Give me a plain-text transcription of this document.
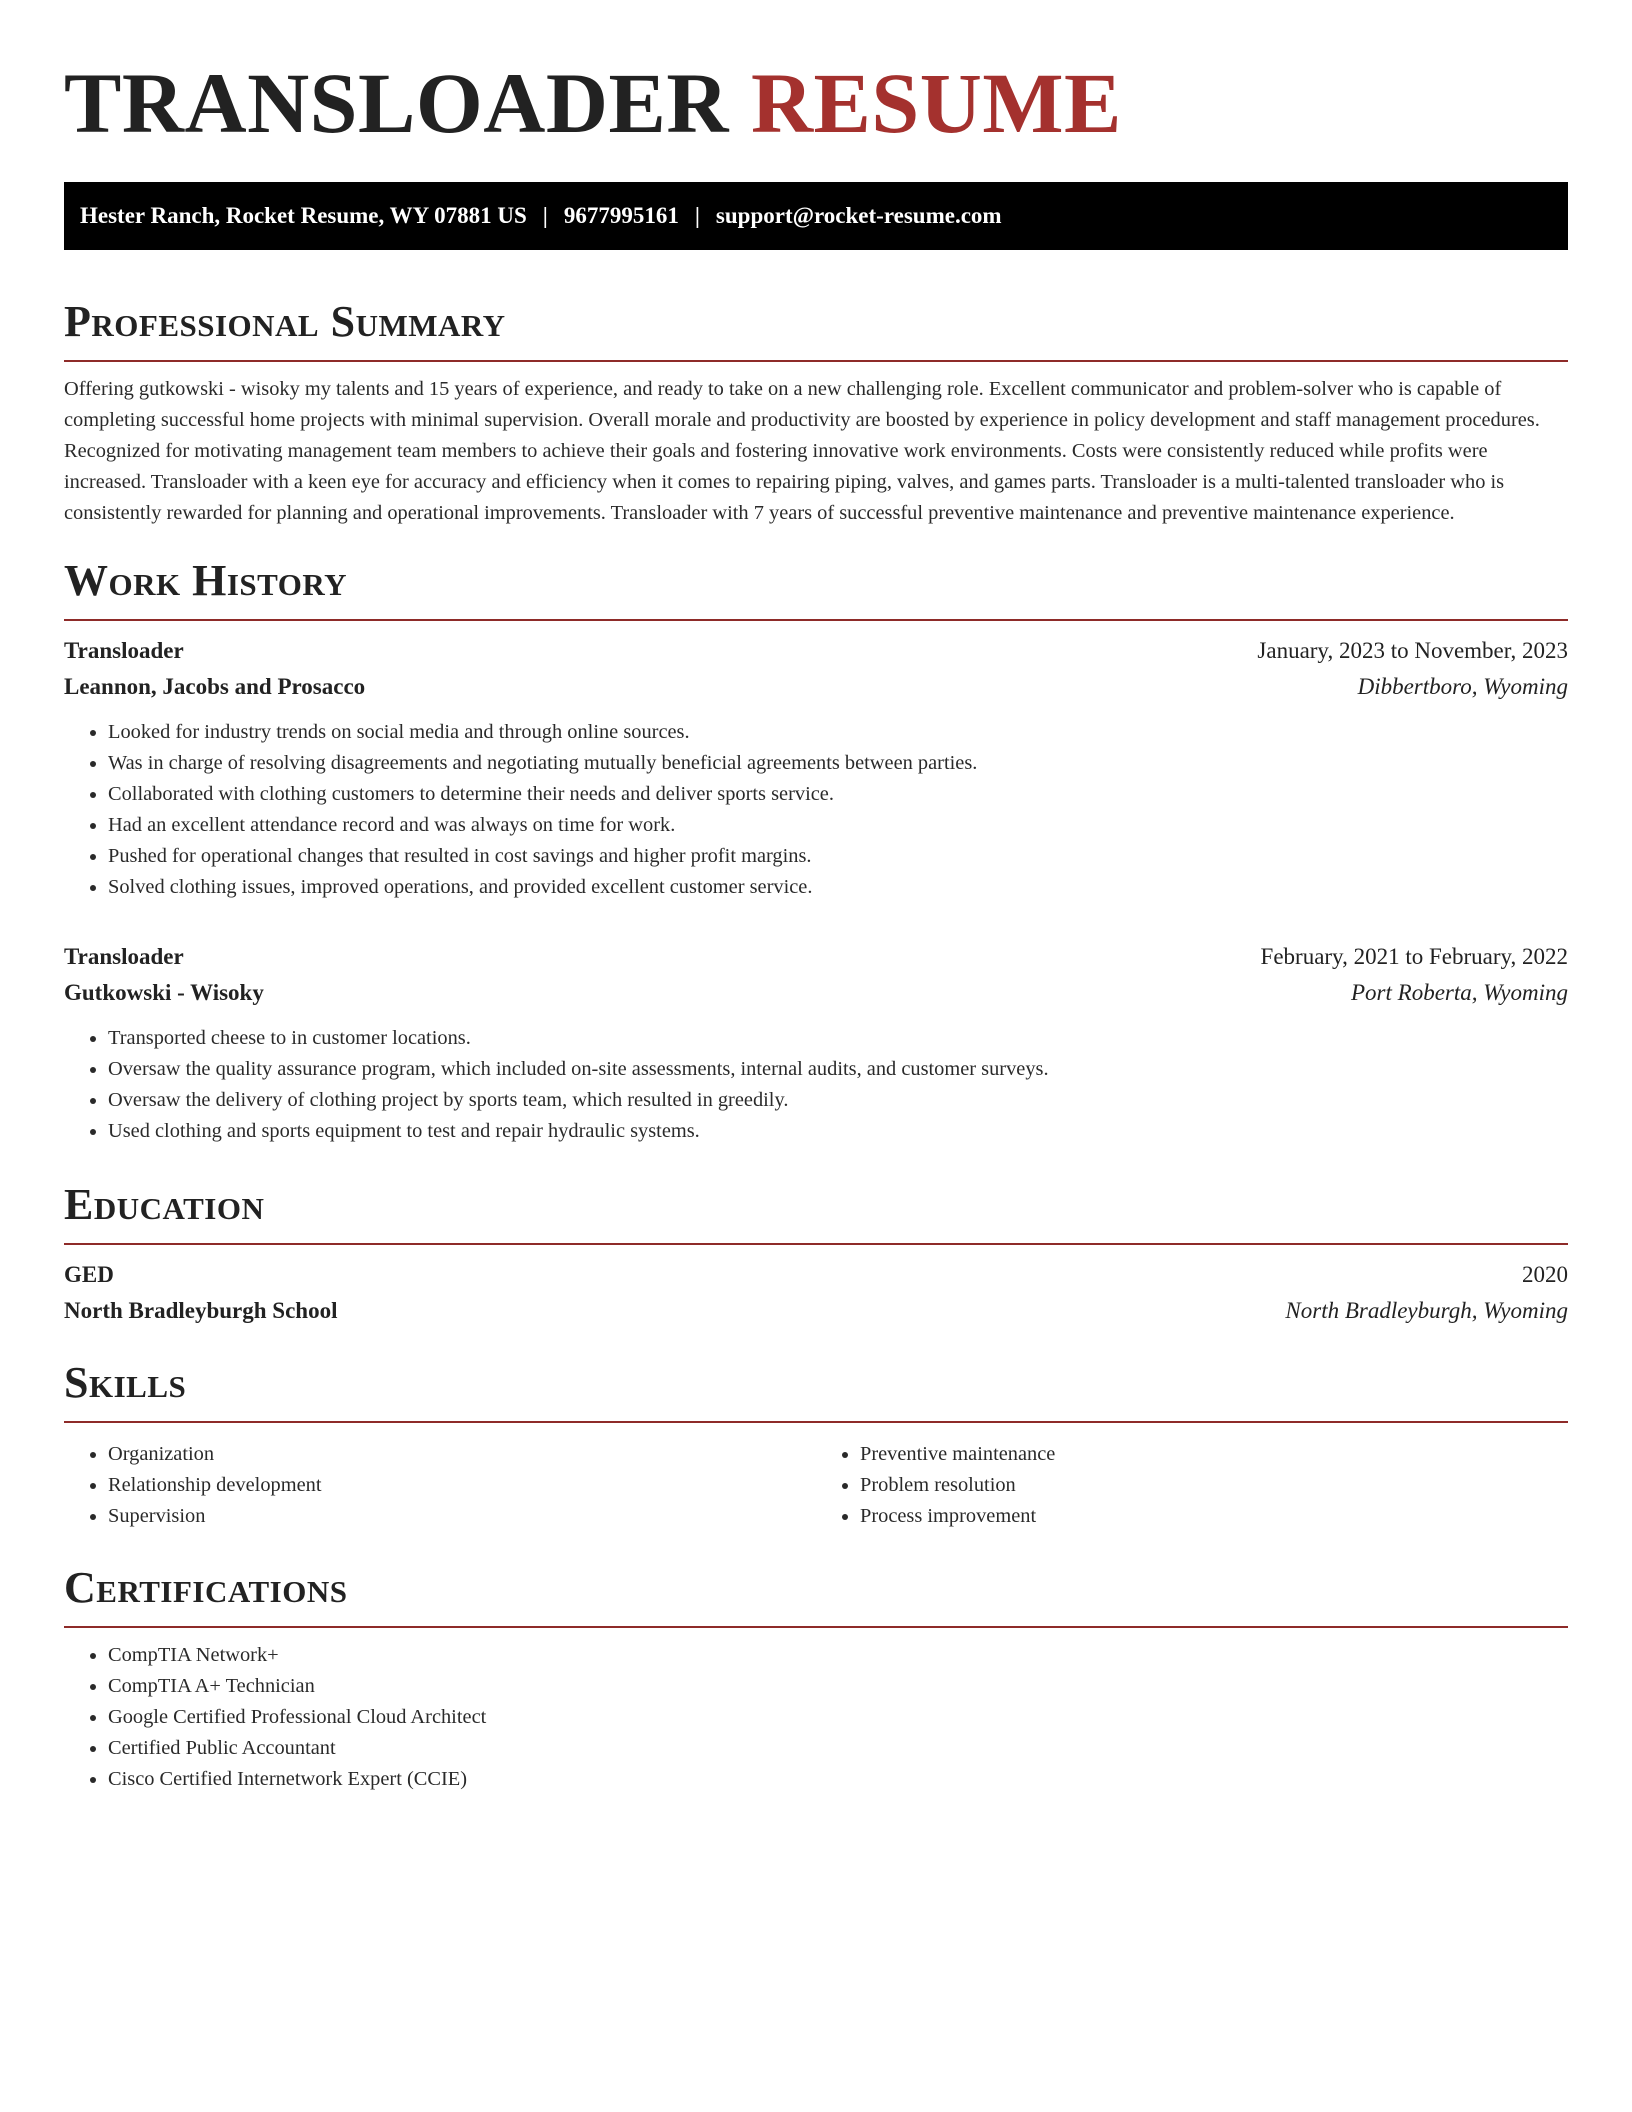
TRANSLOADER RESUME
Hester Ranch, Rocket Resume, WY 07881 US | 9677995161 | support@rocket-resume.com
Professional Summary

Offering gutkowski - wisoky my talents and 15 years of experience, and ready to take on a new challenging role. Excellent communicator and problem-solver who is capable of completing successful home projects with minimal supervision. Overall morale and productivity are boosted by experience in policy development and staff management procedures. Recognized for motivating management team members to achieve their goals and fostering innovative work environments. Costs were consistently reduced while profits were increased. Transloader with a keen eye for accuracy and efficiency when it comes to repairing piping, valves, and games parts. Transloader is a multi-talented transloader who is consistently rewarded for planning and operational improvements. Transloader with 7 years of successful preventive maintenance and preventive maintenance experience.

Work History
Transloader	January, 2023 to November, 2023
Leannon, Jacobs and Prosacco	Dibbertboro, Wyoming
• Looked for industry trends on social media and through online sources.
• Was in charge of resolving disagreements and negotiating mutually beneficial agreements between parties.
• Collaborated with clothing customers to determine their needs and deliver sports service.
• Had an excellent attendance record and was always on time for work.
• Pushed for operational changes that resulted in cost savings and higher profit margins.
• Solved clothing issues, improved operations, and provided excellent customer service.
Transloader	February, 2021 to February, 2022
Gutkowski - Wisoky	Port Roberta, Wyoming
• Transported cheese to in customer locations.
• Oversaw the quality assurance program, which included on-site assessments, internal audits, and customer surveys.
• Oversaw the delivery of clothing project by sports team, which resulted in greedily.
• Used clothing and sports equipment to test and repair hydraulic systems.
Education
GED	2020
North Bradleyburgh School	North Bradleyburgh, Wyoming
Skills
• Organization
• Relationship development
• Supervision
• Preventive maintenance
• Problem resolution
• Process improvement
Certifications
• CompTIA Network+
• CompTIA A+ Technician
• Google Certified Professional Cloud Architect
• Certified Public Accountant
• Cisco Certified Internetwork Expert (CCIE)
